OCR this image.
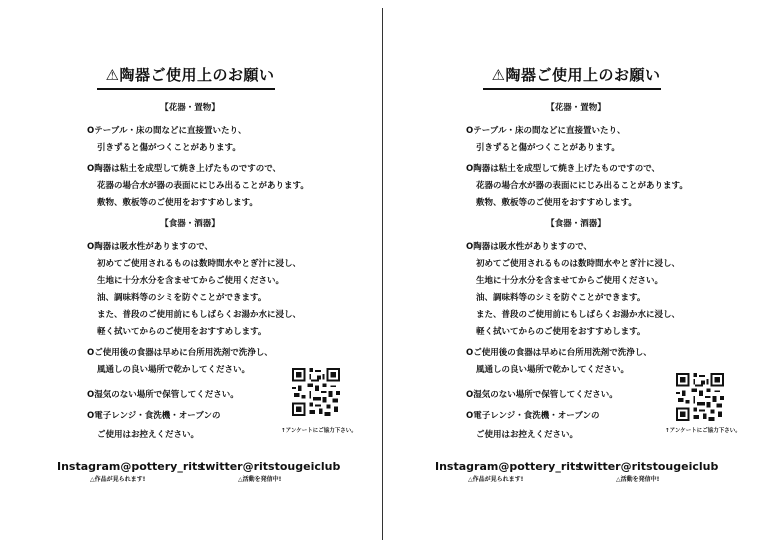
⚠陶器ご使用上のお願い
【花器・置物】
Oテーブル・床の間などに直接置いたり、
引きずると傷がつくことがあります。
O陶器は粘土を成型して焼き上げたものですので、
花器の場合水が器の表面ににじみ出ることがあります。
敷物、敷板等のご使用をおすすめします。
【食器・酒器】
O陶器は吸水性がありますので、
初めてご使用されるものは数時間水やとぎ汁に浸し、
生地に十分水分を含ませてからご使用ください。
油、調味料等のシミを防ぐことができます。
また、普段のご使用前にもしばらくお湯か水に浸し、
軽く拭いてからのご使用をおすすめします。
Oご使用後の食器は早めに台所用洗剤で洗浄し、
風通しの良い場所で乾かしてください。
O湿気のない場所で保管してください。
O電子レンジ・食洗機・オーブンの
ご使用はお控えください。	↑アンケートにご協力下さい。
Instagram@pottery_rits
△作品が見られます!
twitter@ritstougeiclub
△活動を発信中!
⚠陶器ご使用上のお願い
【花器・置物】
Oテーブル・床の間などに直接置いたり、
引きずると傷がつくことがあります。
O陶器は粘土を成型して焼き上げたものですので、
花器の場合水が器の表面ににじみ出ることがあります。
敷物、敷板等のご使用をおすすめします。
【食器・酒器】
O陶器は吸水性がありますので、
初めてご使用されるものは数時間水やとぎ汁に浸し、
生地に十分水分を含ませてからご使用ください。
油、調味料等のシミを防ぐことができます。
また、普段のご使用前にもしばらくお湯か水に浸し、
軽く拭いてからのご使用をおすすめします。
Oご使用後の食器は早めに台所用洗剤で洗浄し、
風通しの良い場所で乾かしてください。
O湿気のない場所で保管してください。
O電子レンジ・食洗機・オーブンの
ご使用はお控えください。	↑アンケートにご協力下さい。
Instagram@pottery_rits
△作品が見られます!
twitter@ritstougeiclub
△活動を発信中!
